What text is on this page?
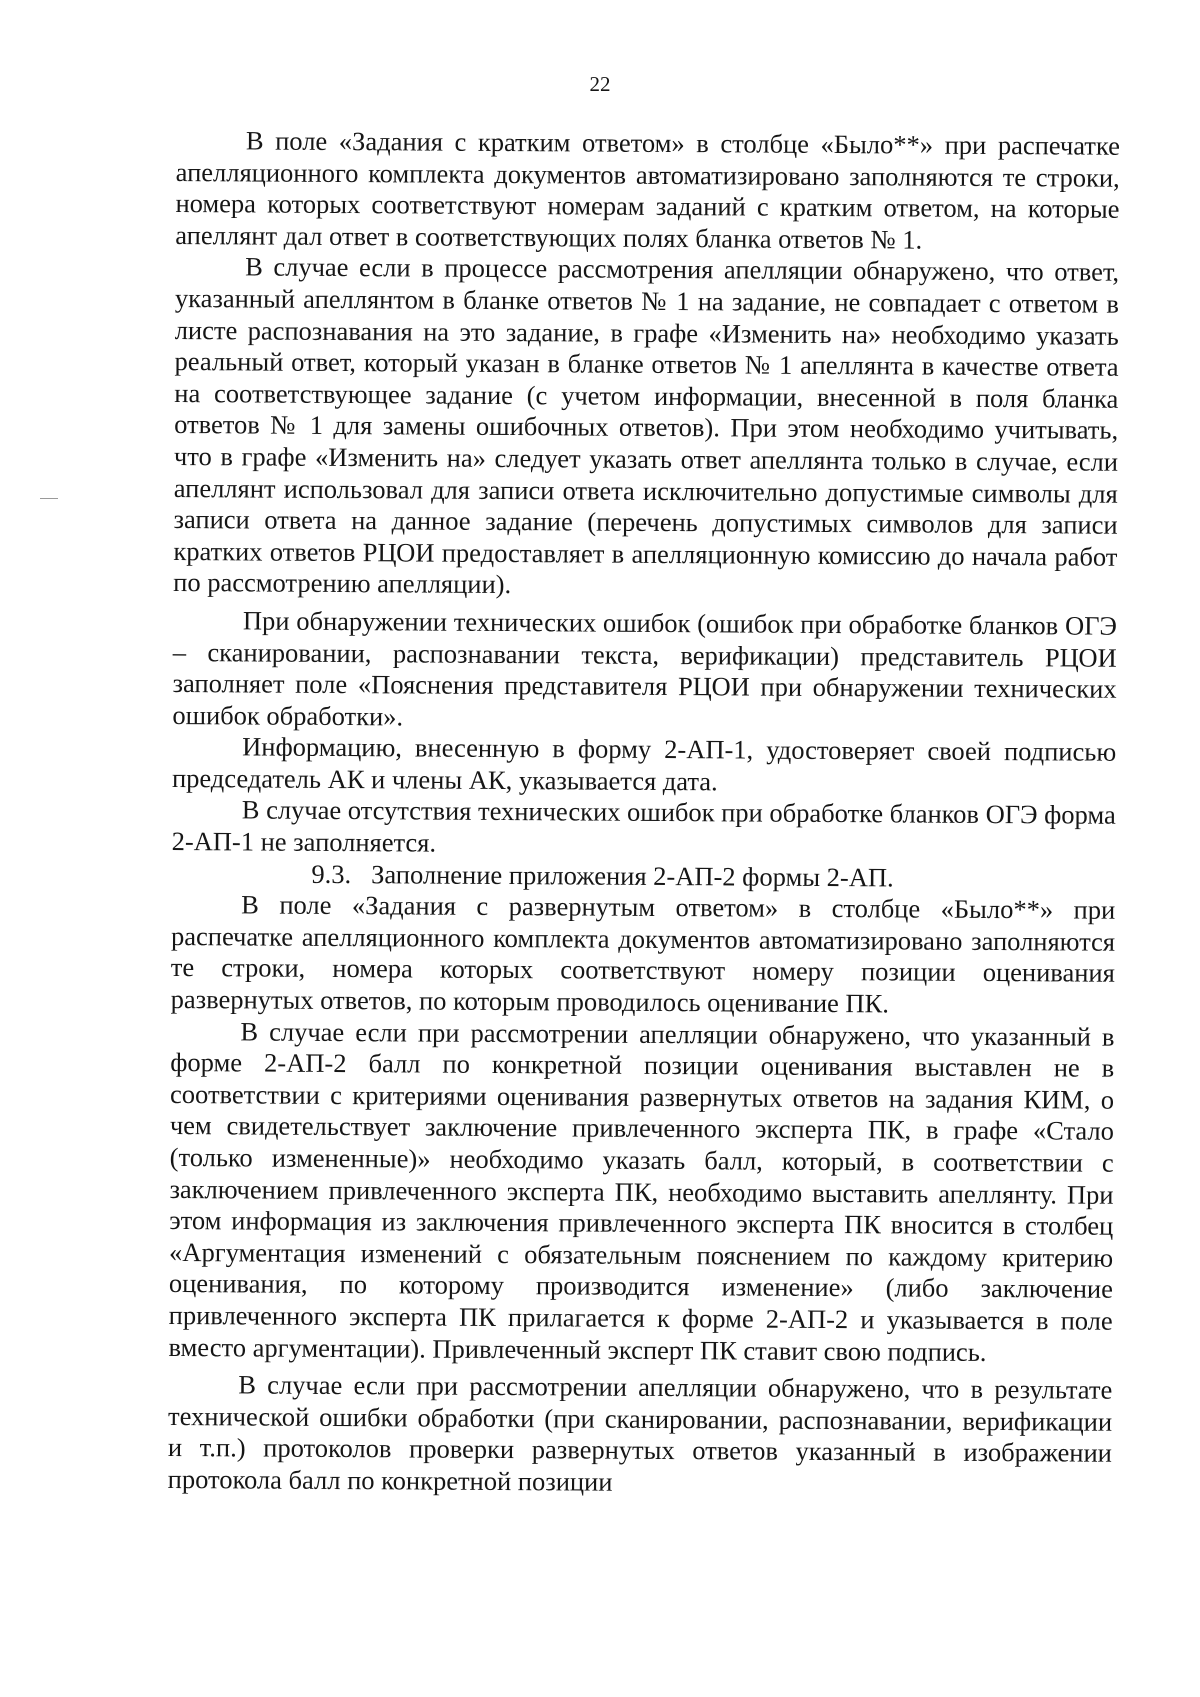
22

В поле «Задания с кратким ответом» в столбце «Было**» при распечатке апелляционного комплекта документов автоматизировано заполняются те строки, номера которых соответствуют номерам заданий с кратким ответом, на которые апеллянт дал ответ в соответствующих полях бланка ответов № 1.

В случае если в процессе рассмотрения апелляции обнаружено, что ответ, указанный апеллянтом в бланке ответов № 1 на задание, не совпадает с ответом в листе распознавания на это задание, в графе «Изменить на» необходимо указать реальный ответ, который указан в бланке ответов № 1 апеллянта в качестве ответа на соответствующее задание (с учетом информации, внесенной в поля бланка ответов № 1 для замены ошибочных ответов). При этом необходимо учитывать, что в графе «Изменить на» следует указать ответ апеллянта только в случае, если апеллянт использовал для записи ответа исключительно допустимые символы для записи ответа на данное задание (перечень допустимых символов для записи кратких ответов РЦОИ предоставляет в апелляционную комиссию до начала работ по рассмотрению апелляции).

При обнаружении технических ошибок (ошибок при обработке бланков ОГЭ – сканировании, распознавании текста, верификации) представитель РЦОИ заполняет поле «Пояснения представителя РЦОИ при обнаружении технических ошибок обработки».

Информацию, внесенную в форму 2-АП-1, удостоверяет своей подписью председатель АК и члены АК, указывается дата.

В случае отсутствия технических ошибок при обработке бланков ОГЭ форма 2-АП-1 не заполняется.

9.3. Заполнение приложения 2-АП-2 формы 2-АП.

В поле «Задания с развернутым ответом» в столбце «Было**» при распечатке апелляционного комплекта документов автоматизировано заполняются те строки, номера которых соответствуют номеру позиции оценивания развернутых ответов, по которым проводилось оценивание ПК.

В случае если при рассмотрении апелляции обнаружено, что указанный в форме 2-АП-2 балл по конкретной позиции оценивания выставлен не в соответствии с критериями оценивания развернутых ответов на задания КИМ, о чем свидетельствует заключение привлеченного эксперта ПК, в графе «Стало (только измененные)» необходимо указать балл, который, в соответствии с заключением привлеченного эксперта ПК, необходимо выставить апеллянту. При этом информация из заключения привлеченного эксперта ПК вносится в столбец «Аргументация изменений с обязательным пояснением по каждому критерию оценивания, по которому производится изменение» (либо заключение привлеченного эксперта ПК прилагается к форме 2-АП-2 и указывается в поле вместо аргументации). Привлеченный эксперт ПК ставит свою подпись.

В случае если при рассмотрении апелляции обнаружено, что в результате технической ошибки обработки (при сканировании, распознавании, верификации и т.п.) протоколов проверки развернутых ответов указанный в изображении протокола балл по конкретной позиции
